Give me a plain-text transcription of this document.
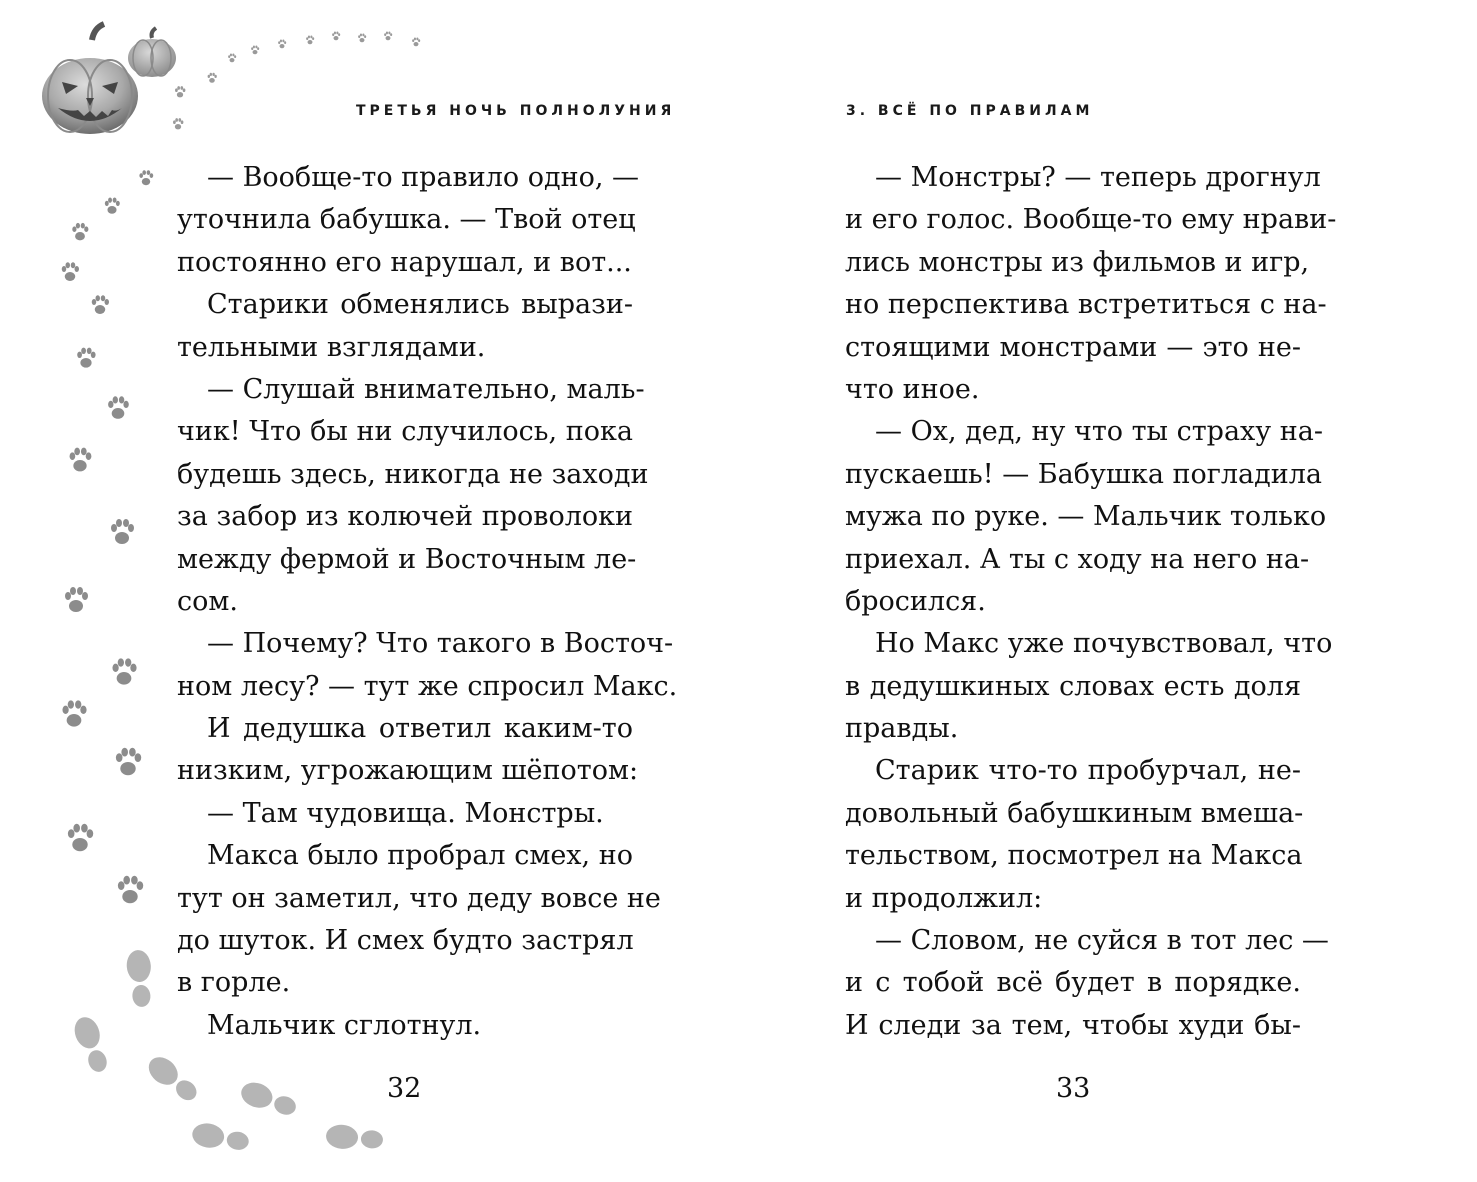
ТРЕТЬЯ НОЧЬ ПОЛНОЛУНИЯ
— Вообще-то правило одно, —
уточнила бабушка. — Твой отец
постоянно его нарушал, и вот...
Старики обменялись вырази-
тельными взглядами.
— Слушай внимательно, маль-
чик! Что бы ни случилось, пока
будешь здесь, никогда не заходи
за забор из колючей проволоки
между фермой и Восточным ле-
сом.
— Почему? Что такого в Восточ-
ном лесу? — тут же спросил Макс.
И дедушка ответил каким-то
низким, угрожающим шёпотом:
— Там чудовища. Монстры.
Макса было пробрал смех, но
тут он заметил, что деду вовсе не
до шуток. И смех будто застрял
в горле.
Мальчик сглотнул.
32
3. ВСЁ ПО ПРАВИЛАМ
— Монстры? — теперь дрогнул
и его голос. Вообще-то ему нрави-
лись монстры из фильмов и игр,
но перспектива встретиться с на-
стоящими монстрами — это не-
что иное.
— Ох, дед, ну что ты страху на-
пускаешь! — Бабушка погладила
мужа по руке. — Мальчик только
приехал. А ты с ходу на него на-
бросился.
Но Макс уже почувствовал, что
в дедушкиных словах есть доля
правды.
Старик что-то пробурчал, не-
довольный бабушкиным вмеша-
тельством, посмотрел на Макса
и продолжил:
— Словом, не суйся в тот лес —
и с тобой всё будет в порядке.
И следи за тем, чтобы худи бы-
33
